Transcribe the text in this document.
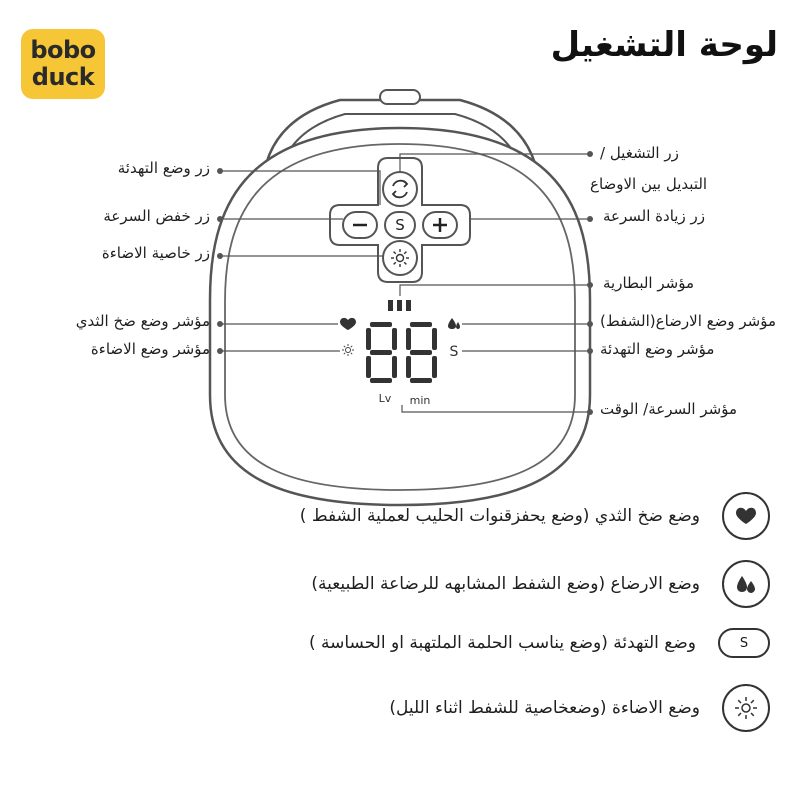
bobo
duck
لوحة التشغيل
S
Lv min
S
زر وضع التهدئة
زر خفض السرعة
زر خاصية الاضاءة
مؤشر وضع ضخ الثدي
مؤشر وضع الاضاءة
زر التشغيل /
التبديل بين الاوضاع
زر زيادة السرعة
مؤشر البطارية
مؤشر وضع الارضاع(الشفط)
مؤشر وضع التهدئة
مؤشر السرعة/ الوقت
وضع ضخ الثدي (وضع يحفزقنوات الحليب لعملية الشفط )
وضع الارضاع (وضع الشفط المشابهه للرضاعة الطبيعية)
S
وضع التهدئة (وضع يناسب الحلمة الملتهبة او الحساسة )
وضع الاضاءة (وضعخاصية للشفط اثناء الليل)
